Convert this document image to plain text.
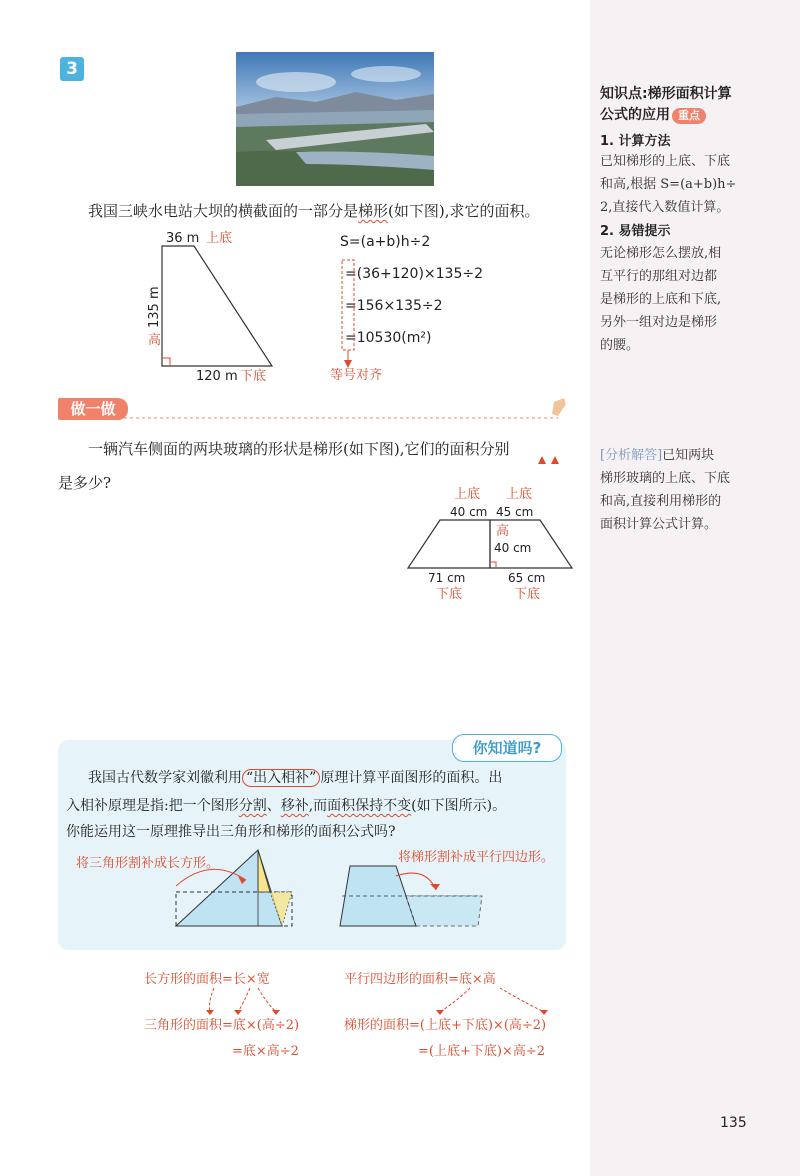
知识点:梯形面积计算
公式的应用 重点
1. 计算方法
已知梯形的上底、下底
和高,根据 S=(a+b)h÷
2,直接代入数值计算。
2. 易错提示
无论梯形怎么摆放,相
互平行的那组对边都
是梯形的上底和下底,
另外一组对边是梯形
的腰。
[分析解答]已知两块
梯形玻璃的上底、下底
和高,直接利用梯形的
面积计算公式计算。
3
我国三峡水电站大坝的横截面的一部分是梯形(如下图),求它的面积。
36 m 上底
135 m
高
120 m 下底
S=(a+b)h÷2
=(36+120)×135÷2
=156×135÷2
=10530(m²)
等号对齐
做一做
一辆汽车侧面的两块玻璃的形状是梯形(如下图),它们的面积分别
是多少?
上底 上底
40 cm 45 cm
高
40 cm
71 cm	65 cm
下底	下底
你知道吗?
我国古代数学家刘徽利用 “出入相补” 原理计算平面图形的面积。出
入相补原理是指:把一个图形分割、移补,而面积保持不变(如下图所示)。
你能运用这一原理推导出三角形和梯形的面积公式吗?
将三角形割补成长方形。	将梯形割补成平行四边形。
长方形的面积=长×宽
三角形的面积=底×(高÷2)
=底×高÷2
平行四边形的面积=底×高
梯形的面积=(上底+下底)×(高÷2)
=(上底+下底)×高÷2
135
